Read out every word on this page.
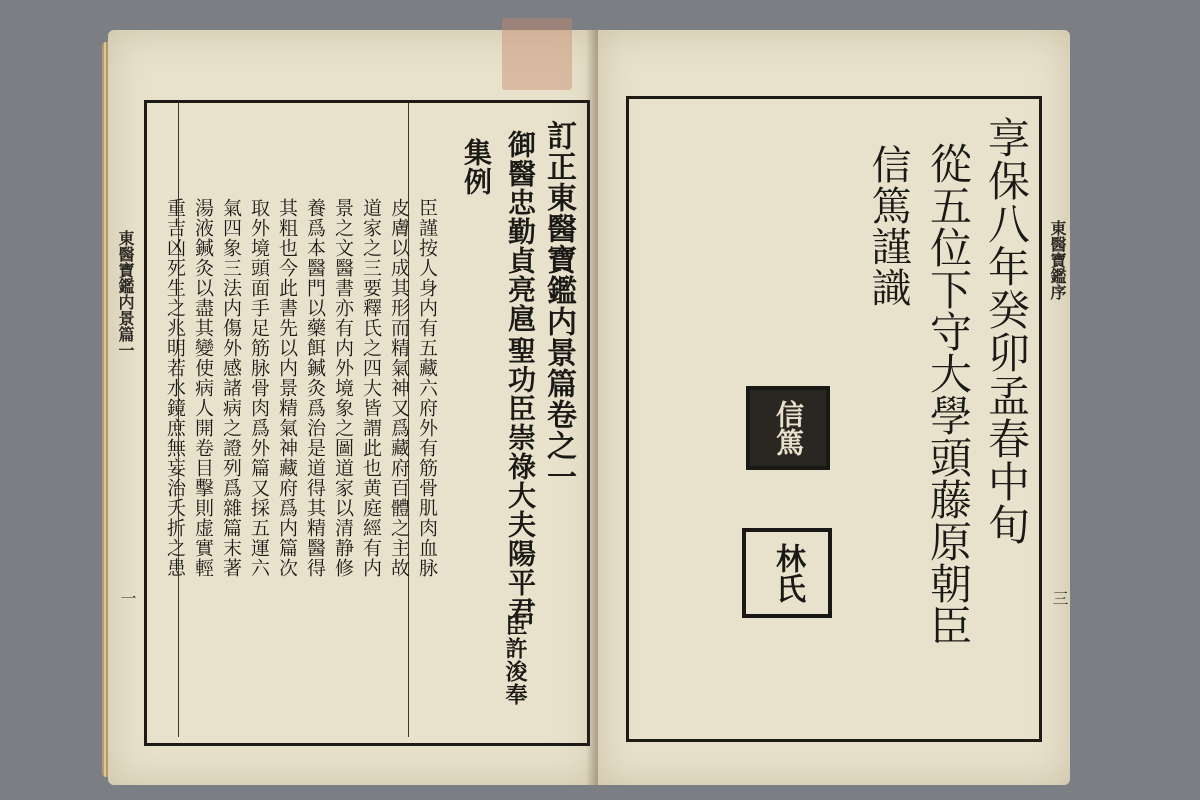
訂正東醫寶鑑内景篇卷之一
御醫忠勤貞亮扈
聖功臣崇祿大夫陽平君
臣許浚奉
集例
臣謹按人身内有五藏六府外有筋骨肌肉血脉
皮膚以成其形而精氣神又爲藏府百體之主故
道家之三要釋氏之四大皆謂此也黄庭經有内
景之文醫書亦有内外境象之圖道家以清静修
養爲本醫門以藥餌鍼灸爲治是道得其精醫得
其粗也今此書先以内景精氣神藏府爲内篇次
取外境頭面手足筋脉骨肉爲外篇又採五運六
氣四象三法内傷外感諸病之證列爲雜篇末著
湯液鍼灸以盡其變使病人開卷目擊則虚實輕
重吉凶死生之兆明若水鏡庶無妄治夭折之患
東醫寶鑑内景篇一
一
享保八年癸卯孟春中旬
從五位下守大學頭藤原朝臣
信篤謹識
信篤
林氏
東醫寶鑑序
三
